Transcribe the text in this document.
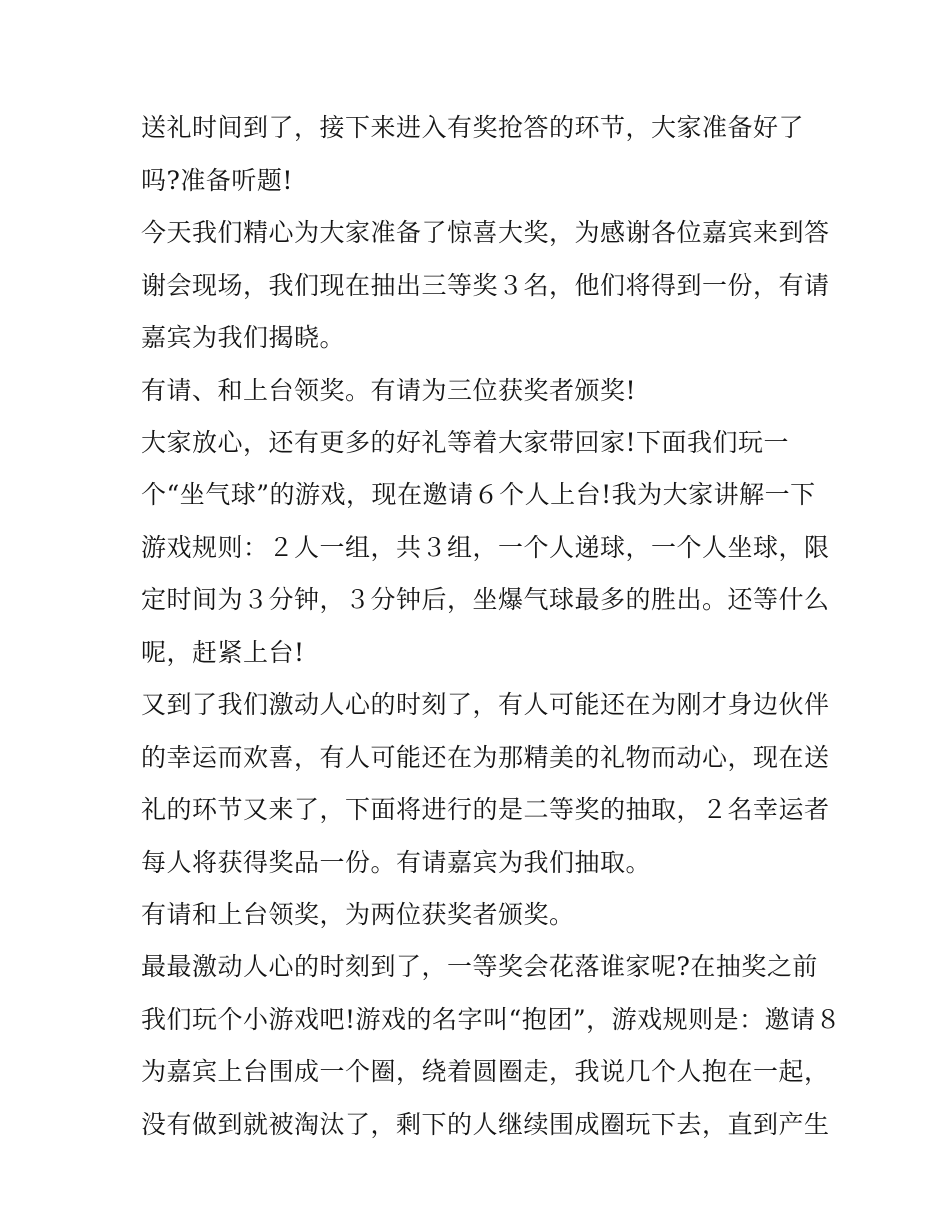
送礼时间到了，接下来进入有奖抢答的环节，大家准备好了

吗?准备听题!

今天我们精心为大家准备了惊喜大奖，为感谢各位嘉宾来到答

谢会现场，我们现在抽出三等奖３名，他们将得到一份，有请

嘉宾为我们揭晓。

有请、和上台领奖。有请为三位获奖者颁奖!

大家放心，还有更多的好礼等着大家带回家!下面我们玩一

个“坐气球”的游戏，现在邀请６个人上台!我为大家讲解一下

游戏规则：２人一组，共３组，一个人递球，一个人坐球，限

定时间为３分钟，３分钟后，坐爆气球最多的胜出。还等什么

呢，赶紧上台!

又到了我们激动人心的时刻了，有人可能还在为刚才身边伙伴

的幸运而欢喜，有人可能还在为那精美的礼物而动心，现在送

礼的环节又来了，下面将进行的是二等奖的抽取，２名幸运者

每人将获得奖品一份。有请嘉宾为我们抽取。

有请和上台领奖，为两位获奖者颁奖。

最最激动人心的时刻到了，一等奖会花落谁家呢?在抽奖之前

我们玩个小游戏吧!游戏的名字叫“抱团”，游戏规则是：邀请８

为嘉宾上台围成一个圈，绕着圆圈走，我说几个人抱在一起，

没有做到就被淘汰了，剩下的人继续围成圈玩下去，直到产生
